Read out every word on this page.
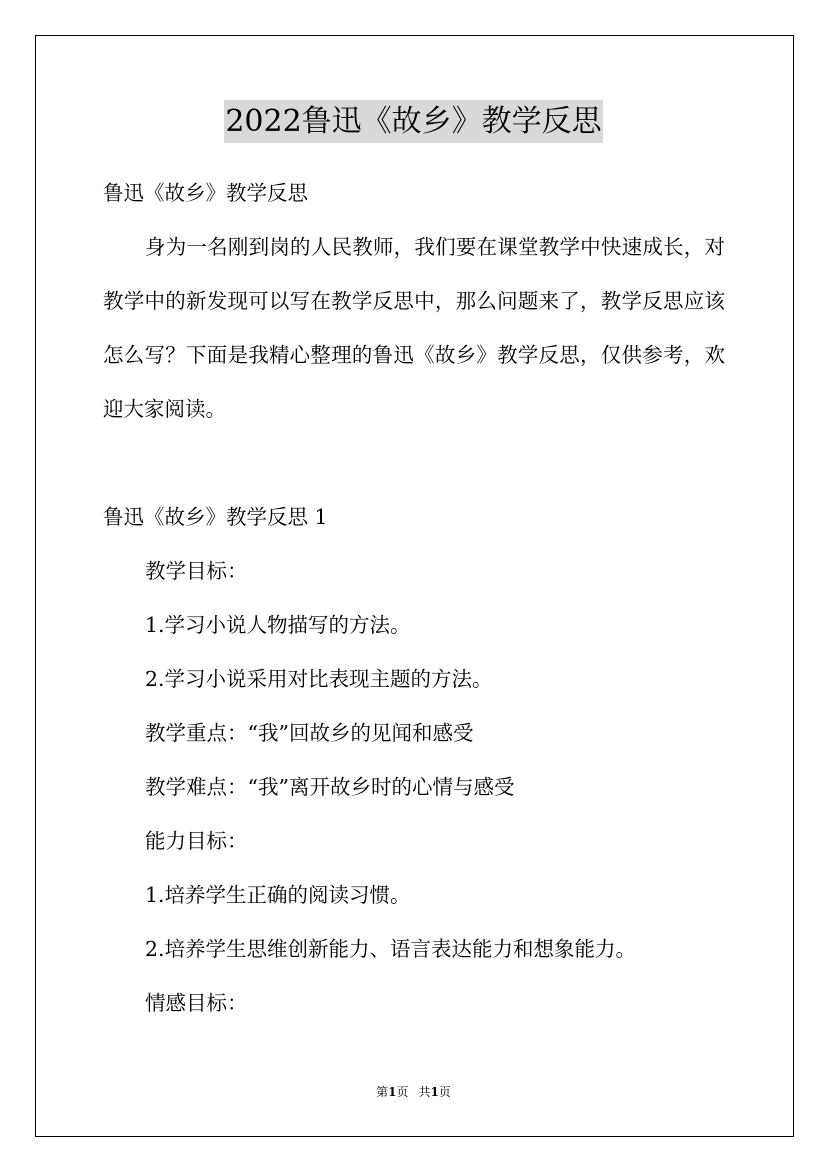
2022鲁迅《故乡》教学反思
鲁迅《故乡》教学反思
身为一名刚到岗的人民教师，我们要在课堂教学中快速成长，对
教学中的新发现可以写在教学反思中，那么问题来了，教学反思应该
怎么写？下面是我精心整理的鲁迅《故乡》教学反思，仅供参考，欢
迎大家阅读。
鲁迅《故乡》教学反思 1
教学目标：
1.学习小说人物描写的方法。
2.学习小说采用对比表现主题的方法。
教学重点：“我”回故乡的见闻和感受
教学难点：“我”离开故乡时的心情与感受
能力目标：
1.培养学生正确的阅读习惯。
2.培养学生思维创新能力、语言表达能力和想象能力。
情感目标：
第1页 共1页
